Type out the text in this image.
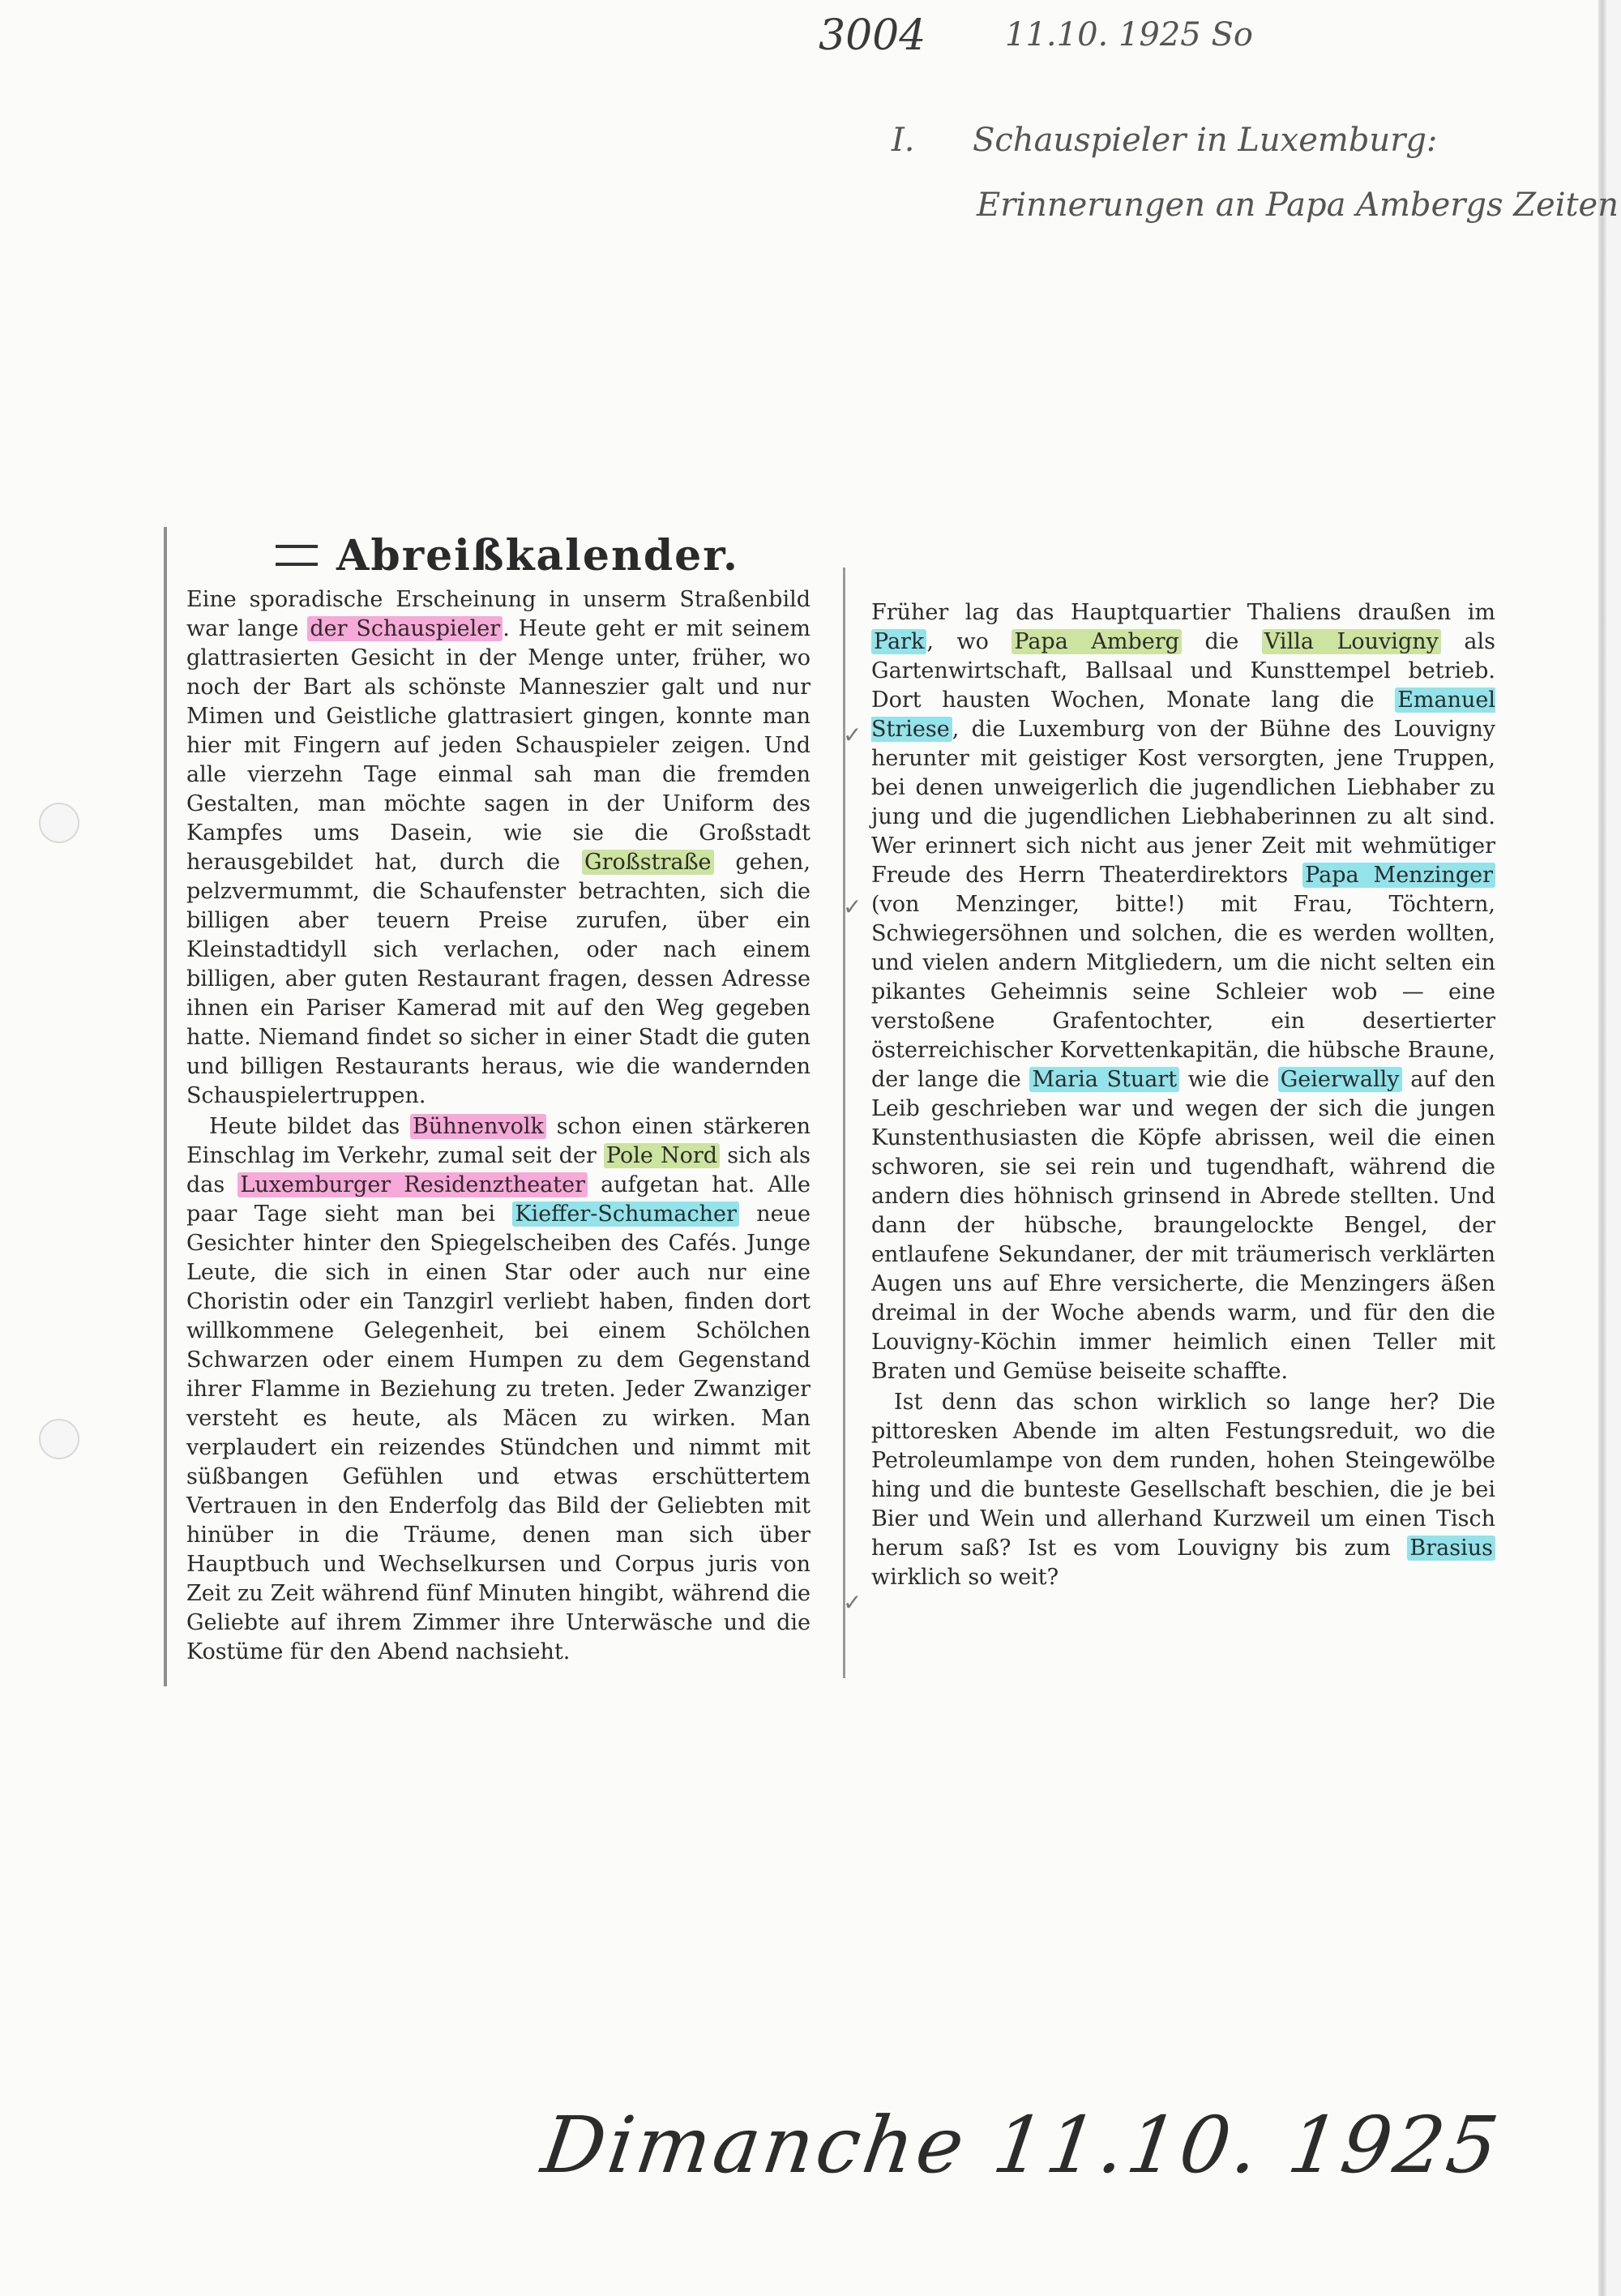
3004 11.10. 1925 So
I. Schauspieler in Luxemburg:
Erinnerungen an Papa Ambergs Zeiten
Abreißkalender.

Eine sporadische Erscheinung in unserm Straßenbild war lange der Schauspieler . Heute geht er mit seinem glattrasierten Gesicht in der Menge unter, früher, wo noch der Bart als schönste Manneszier galt und nur Mimen und Geistliche glattrasiert gingen, konnte man hier mit Fingern auf jeden Schauspieler zeigen. Und alle vierzehn Tage einmal sah man die fremden Gestalten, man möchte sagen in der Uniform des Kampfes ums Dasein, wie sie die Großstadt herausgebildet hat, durch die Großstraße gehen, pelzvermummt, die Schaufenster betrachten, sich die billigen aber teuern Preise zurufen, über ein Kleinstadtidyll sich verlachen, oder nach einem billigen, aber guten Restaurant fragen, dessen Adresse ihnen ein Pariser Kamerad mit auf den Weg gegeben hatte. Niemand findet so sicher in einer Stadt die guten und billigen Restaurants heraus, wie die wandernden Schauspielertruppen.

Heute bildet das Bühnenvolk schon einen stärkeren Einschlag im Verkehr, zumal seit der Pole Nord sich als das Luxemburger Residenztheater aufgetan hat. Alle paar Tage sieht man bei Kieffer-Schumacher neue Gesichter hinter den Spiegelscheiben des Cafés. Junge Leute, die sich in einen Star oder auch nur eine Choristin oder ein Tanzgirl verliebt haben, finden dort willkommene Gelegenheit, bei einem Schölchen Schwarzen oder einem Humpen zu dem Gegenstand ihrer Flamme in Beziehung zu treten. Jeder Zwanziger versteht es heute, als Mäcen zu wirken. Man verplaudert ein reizendes Stündchen und nimmt mit süßbangen Gefühlen und etwas erschüttertem Vertrauen in den Enderfolg das Bild der Geliebten mit hinüber in die Träume, denen man sich über Hauptbuch und Wechselkursen und Corpus juris von Zeit zu Zeit während fünf Minuten hingibt, während die Geliebte auf ihrem Zimmer ihre Unterwäsche und die Kostüme für den Abend nachsieht.

Früher lag das Hauptquartier Thaliens draußen im Park , wo Papa Amberg die Villa Louvigny als Gartenwirtschaft, Ballsaal und Kunsttempel betrieb. Dort hausten Wochen, Monate lang die Emanuel Striese , die Luxemburg von der Bühne des Louvigny herunter mit geistiger Kost versorgten, jene Truppen, bei denen unweigerlich die jugendlichen Liebhaber zu jung und die jugendlichen Liebhaberinnen zu alt sind. Wer erinnert sich nicht aus jener Zeit mit wehmütiger Freude des Herrn Theaterdirektors Papa Menzinger (von Menzinger, bitte!) mit Frau, Töchtern, Schwiegersöhnen und solchen, die es werden wollten, und vielen andern Mitgliedern, um die nicht selten ein pikantes Geheimnis seine Schleier wob — eine verstoßene Grafentochter, ein desertierter österreichischer Korvettenkapitän, die hübsche Braune, der lange die Maria Stuart wie die Geierwally auf den Leib geschrieben war und wegen der sich die jungen Kunstenthusiasten die Köpfe abrissen, weil die einen schworen, sie sei rein und tugendhaft, während die andern dies höhnisch grinsend in Abrede stellten. Und dann der hübsche, braungelockte Bengel, der entlaufene Sekundaner, der mit träumerisch verklärten Augen uns auf Ehre versicherte, die Menzingers äßen dreimal in der Woche abends warm, und für den die Louvigny-Köchin immer heimlich einen Teller mit Braten und Gemüse beiseite schaffte.

Ist denn das schon wirklich so lange her? Die pittoresken Abende im alten Festungsreduit, wo die Petroleumlampe von dem runden, hohen Steingewölbe hing und die bunteste Gesellschaft beschien, die je bei Bier und Wein und allerhand Kurzweil um einen Tisch herum saß? Ist es vom Louvigny bis zum Brasius wirklich so weit?

✓
✓
✓
Dimanche 11.10. 1925
